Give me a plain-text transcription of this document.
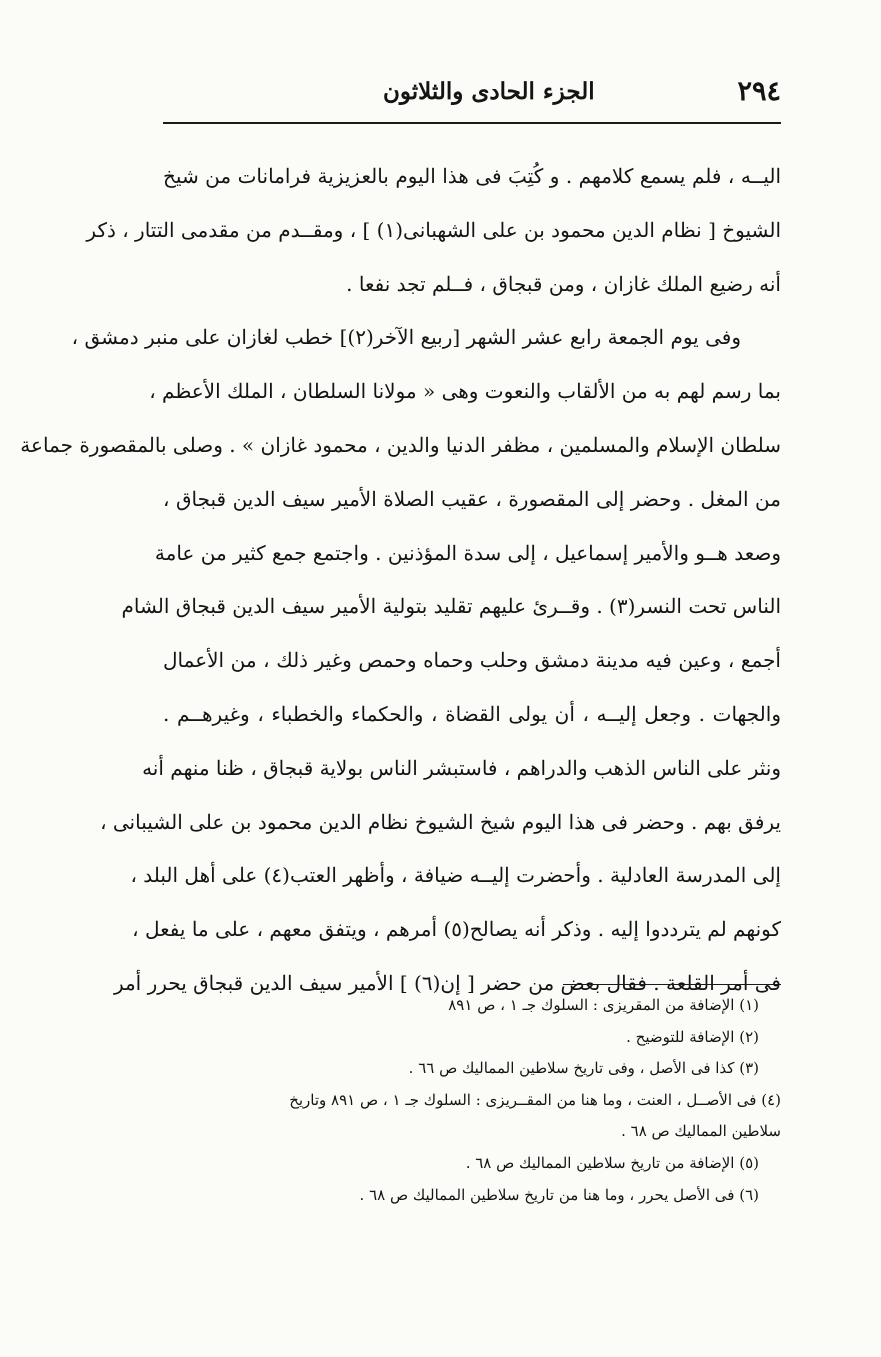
٢٩٤
الجزء الحادى والثلاثون
اليــه ، فلم يسمع كلامهم . و كُتِبَ فى هذا اليوم بالعزيزية فرامانات من شيخ
الشيوخ [ نظام الدين محمود بن على الشهبانى(١) ] ، ومقــدم من مقدمى التتار ، ذكر
أنه رضيع الملك غازان ، ومن قبجاق ، فــلم تجد نفعا .
وفى يوم الجمعة رابع عشر الشهر [ربيع الآخر(٢)] خطب لغازان على منبر دمشق ،
بما رسم لهم به من الألقاب والنعوت وهى « مولانا السلطان ، الملك الأعظم ،
سلطان الإسلام والمسلمين ، مظفر الدنيا والدين ، محمود غازان » . وصلى بالمقصورة جماعة
من المغل . وحضر إلى المقصورة ، عقيب الصلاة الأمير سيف الدين قبجاق ،
وصعد هــو والأمير إسماعيل ، إلى سدة المؤذنين . واجتمع جمع كثير من عامة
الناس تحت النسر(٣) . وقــرئ عليهم تقليد بتولية الأمير سيف الدين قبجاق الشام
أجمع ، وعين فيه مدينة دمشق وحلب وحماه وحمص وغير ذلك ، من الأعمال
والجهات . وجعل إليــه ، أن يولى القضاة ، والحكماء والخطباء ، وغيرهــم .
ونثر على الناس الذهب والدراهم ، فاستبشر الناس بولاية قبجاق ، ظنا منهم أنه
يرفق بهم . وحضر فى هذا اليوم شيخ الشيوخ نظام الدين محمود بن على الشيبانى ،
إلى المدرسة العادلية . وأحضرت إليــه ضيافة ، وأظهر العتب(٤) على أهل البلد ،
كونهم لم يترددوا إليه . وذكر أنه يصالح(٥) أمرهم ، ويتفق معهم ، على ما يفعل ،
فى أمر القلعة . فقال بعض من حضر [ إن(٦) ] الأمير سيف الدين قبجاق يحرر أمر
(١) الإضافة من المقريزى : السلوك جـ ١ ، ص ٨٩١
(٢) الإضافة للتوضيح .
(٣) كذا فى الأصل ، وفى تاريخ سلاطين المماليك ص ٦٦ .
(٤) فى الأصــل ، العنت ، وما هنا من المقــريزى : السلوك جـ ١ ، ص ٨٩١ وتاريخ
سلاطين المماليك ص ٦٨ .
(٥) الإضافة من تاريخ سلاطين المماليك ص ٦٨ .
(٦) فى الأصل يحرر ، وما هنا من تاريخ سلاطين المماليك ص ٦٨ .
